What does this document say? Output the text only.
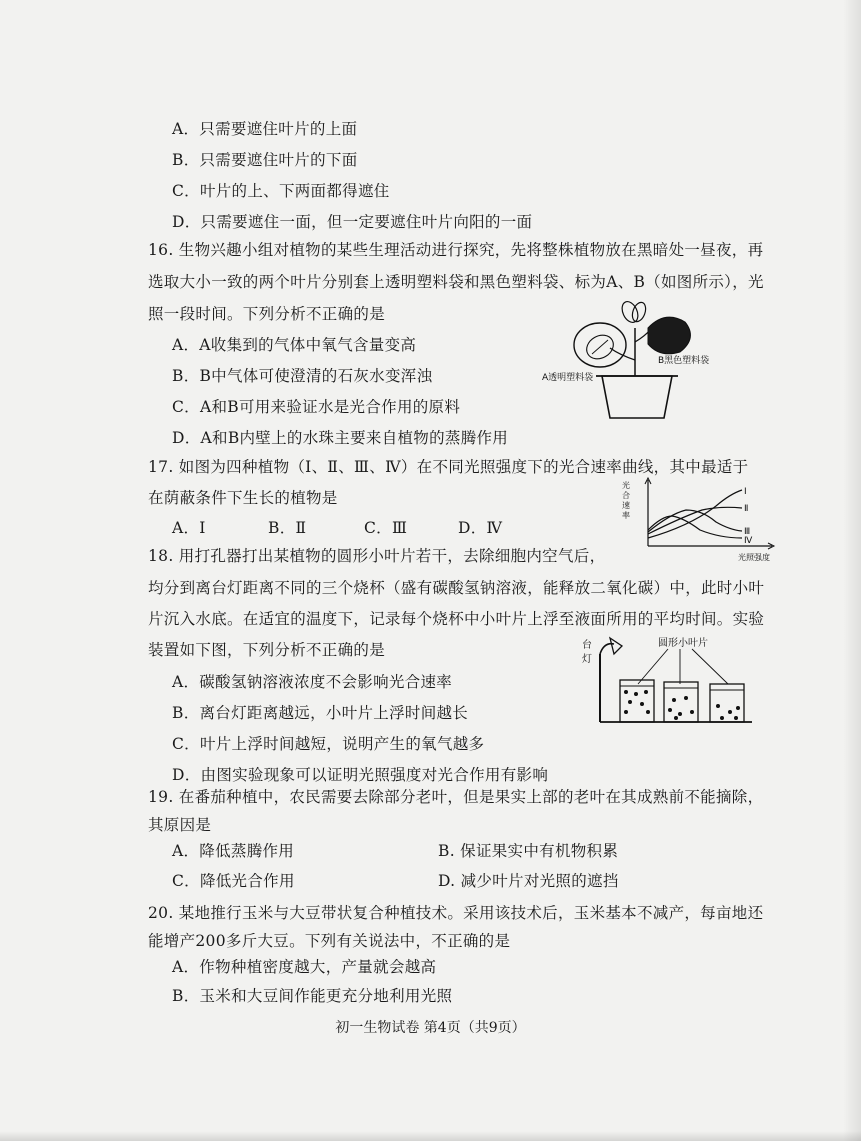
A．只需要遮住叶片的上面
B．只需要遮住叶片的下面
C．叶片的上、下两面都得遮住
D．只需要遮住一面，但一定要遮住叶片向阳的一面
16. 生物兴趣小组对植物的某些生理活动进行探究，先将整株植物放在黑暗处一昼夜，再
选取大小一致的两个叶片分别套上透明塑料袋和黑色塑料袋、标为A、B（如图所示），光
照一段时间。下列分析不正确的是
A．A收集到的气体中氧气含量变高
B．B中气体可使澄清的石灰水变浑浊
C．A和B可用来验证水是光合作用的原料
D．A和B内壁上的水珠主要来自植物的蒸腾作用
B黑色塑料袋
A透明塑料袋
17. 如图为四种植物（Ⅰ、Ⅱ、Ⅲ、Ⅳ）在不同光照强度下的光合速率曲线，其中最适于
在荫蔽条件下生长的植物是
A．Ⅰ	B．Ⅱ	C．Ⅲ	D．Ⅳ
光
合
速
率
Ⅰ
Ⅱ
Ⅲ
Ⅳ
光照强度
18. 用打孔器打出某植物的圆形小叶片若干，去除细胞内空气后，
均分到离台灯距离不同的三个烧杯（盛有碳酸氢钠溶液，能释放二氧化碳）中，此时小叶
片沉入水底。在适宜的温度下，记录每个烧杯中小叶片上浮至液面所用的平均时间。实验
装置如下图，下列分析不正确的是
A．碳酸氢钠溶液浓度不会影响光合速率
B．离台灯距离越远，小叶片上浮时间越长
C．叶片上浮时间越短，说明产生的氧气越多
D．由图实验现象可以证明光照强度对光合作用有影响
台
灯
圆形小叶片
19. 在番茄种植中，农民需要去除部分老叶，但是果实上部的老叶在其成熟前不能摘除，
其原因是
A．降低蒸腾作用	B. 保证果实中有机物积累
C．降低光合作用	D. 减少叶片对光照的遮挡
20. 某地推行玉米与大豆带状复合种植技术。采用该技术后，玉米基本不减产，每亩地还
能增产200多斤大豆。下列有关说法中，不正确的是
A．作物种植密度越大，产量就会越高
B．玉米和大豆间作能更充分地利用光照
初一生物试卷 第4页（共9页）
